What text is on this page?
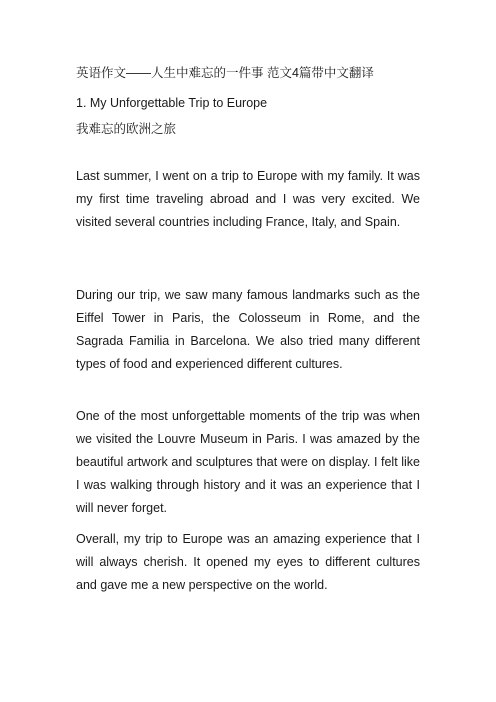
英语作文——人生中难忘的一件事 范文4篇带中文翻译
1. My Unforgettable Trip to Europe
我难忘的欧洲之旅

Last summer, I went on a trip to Europe with my family. It was my first time traveling abroad and I was very excited. We visited several countries including France, Italy, and Spain.

During our trip, we saw many famous landmarks such as the Eiffel Tower in Paris, the Colosseum in Rome, and the Sagrada Familia in Barcelona. We also tried many different types of food and experienced different cultures.

One of the most unforgettable moments of the trip was when we visited the Louvre Museum in Paris. I was amazed by the beautiful artwork and sculptures that were on display. I felt like I was walking through history and it was an experience that I will never forget.

Overall, my trip to Europe was an amazing experience that I will always cherish. It opened my eyes to different cultures and gave me a new perspective on the world.
